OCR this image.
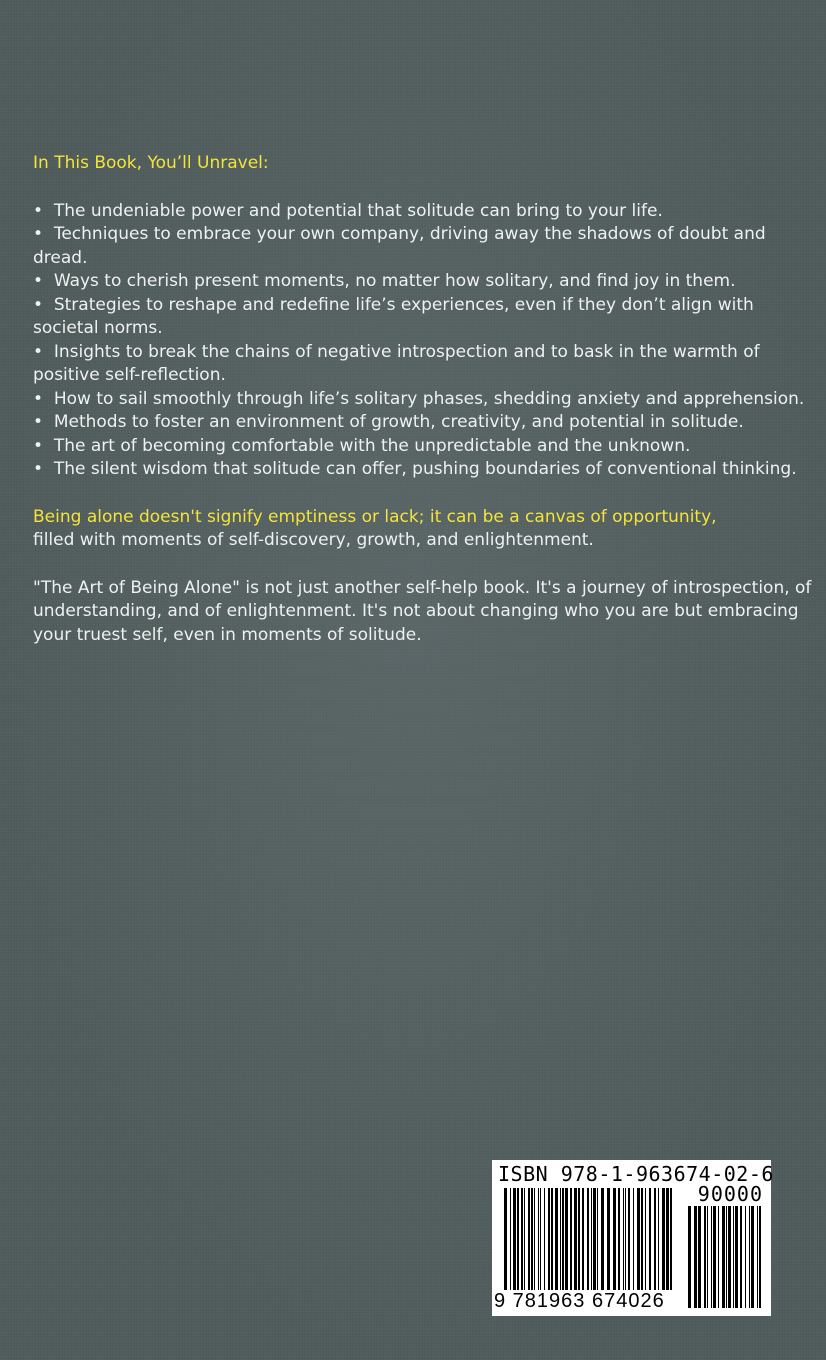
In This Book, You’ll Unravel:

•  The undeniable power and potential that solitude can bring to your life.
•  Techniques to embrace your own company, driving away the shadows of doubt and dread.
•  Ways to cherish present moments, no matter how solitary, and find joy in them.
•  Strategies to reshape and redefine life’s experiences, even if they don’t align with societal norms.
•  Insights to break the chains of negative introspection and to bask in the warmth of positive self-reflection.
•  How to sail smoothly through life’s solitary phases, shedding anxiety and apprehension.
•  Methods to foster an environment of growth, creativity, and potential in solitude.
•  The art of becoming comfortable with the unpredictable and the unknown.
•  The silent wisdom that solitude can offer, pushing boundaries of conventional thinking.

Being alone doesn't signify emptiness or lack; it can be a canvas of opportunity,
filled with moments of self-discovery, growth, and enlightenment.

"The Art of Being Alone" is not just another self-help book. It's a journey of introspection, of understanding, and of enlightenment. It's not about changing who you are but embracing your truest self, even in moments of solitude.

ISBN 978-1-963674-02-6
90000
9 781963 674026
